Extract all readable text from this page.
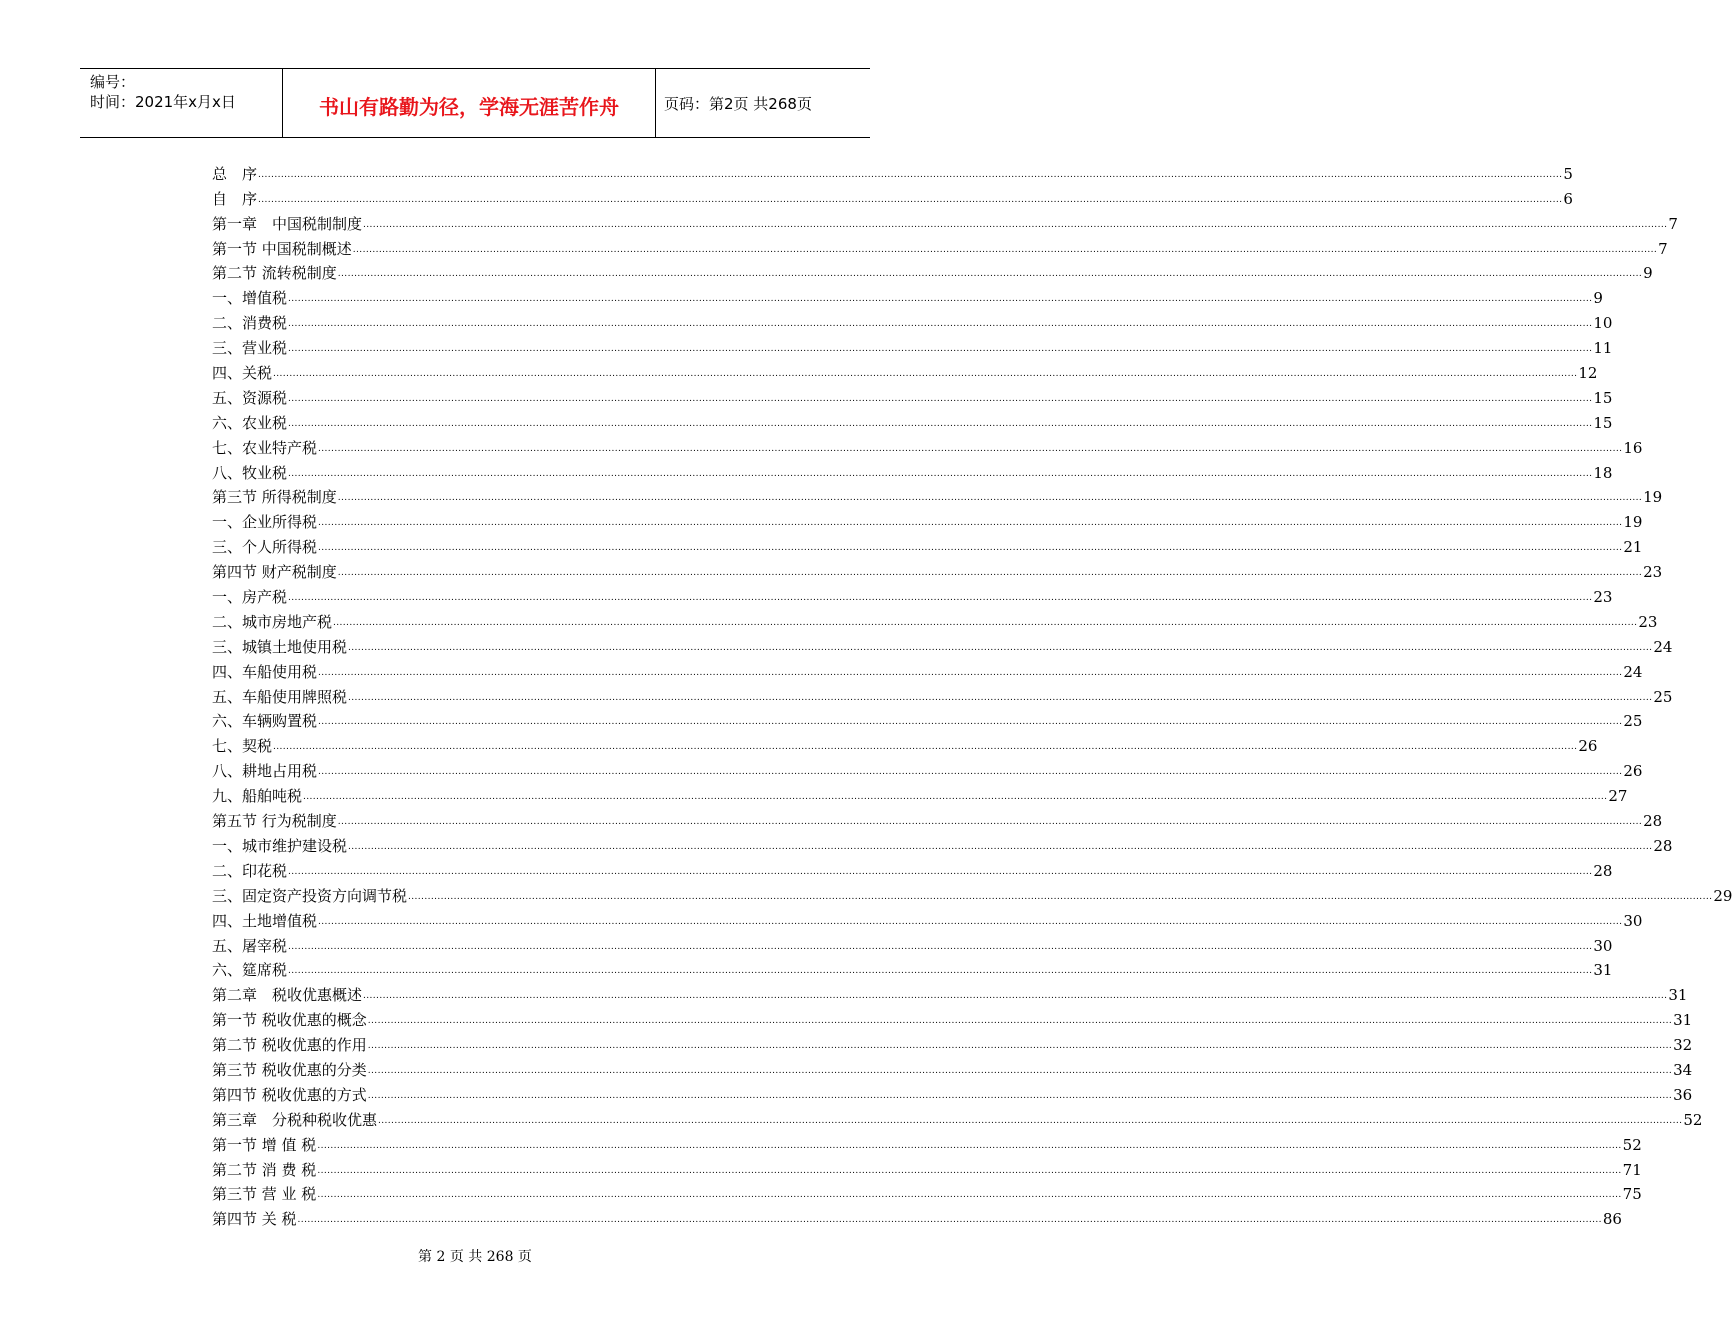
编号：
时间：2021年x月x日	书山有路勤为径，学海无涯苦作舟	页码：第2页 共268页
总　序 ................................................................................................................................................................................................................................................................................................................................................................................................................ 5
自　序 ................................................................................................................................................................................................................................................................................................................................................................................................................ 6
第一章　中国税制制度 ................................................................................................................................................................................................................................................................................................................................................................................................................ 7
第一节 中国税制概述 ................................................................................................................................................................................................................................................................................................................................................................................................................ 7
第二节 流转税制度 ................................................................................................................................................................................................................................................................................................................................................................................................................ 9
一、增值税 ................................................................................................................................................................................................................................................................................................................................................................................................................ 9
二、消费税 ................................................................................................................................................................................................................................................................................................................................................................................................................ 10
三、营业税 ................................................................................................................................................................................................................................................................................................................................................................................................................ 11
四、关税 ................................................................................................................................................................................................................................................................................................................................................................................................................ 12
五、资源税 ................................................................................................................................................................................................................................................................................................................................................................................................................ 15
六、农业税 ................................................................................................................................................................................................................................................................................................................................................................................................................ 15
七、农业特产税 ................................................................................................................................................................................................................................................................................................................................................................................................................ 16
八、牧业税 ................................................................................................................................................................................................................................................................................................................................................................................................................ 18
第三节 所得税制度 ................................................................................................................................................................................................................................................................................................................................................................................................................ 19
一、企业所得税 ................................................................................................................................................................................................................................................................................................................................................................................................................ 19
三、个人所得税 ................................................................................................................................................................................................................................................................................................................................................................................................................ 21
第四节 财产税制度 ................................................................................................................................................................................................................................................................................................................................................................................................................ 23
一、房产税 ................................................................................................................................................................................................................................................................................................................................................................................................................ 23
二、城市房地产税 ................................................................................................................................................................................................................................................................................................................................................................................................................ 23
三、城镇土地使用税 ................................................................................................................................................................................................................................................................................................................................................................................................................ 24
四、车船使用税 ................................................................................................................................................................................................................................................................................................................................................................................................................ 24
五、车船使用牌照税 ................................................................................................................................................................................................................................................................................................................................................................................................................ 25
六、车辆购置税 ................................................................................................................................................................................................................................................................................................................................................................................................................ 25
七、契税 ................................................................................................................................................................................................................................................................................................................................................................................................................ 26
八、耕地占用税 ................................................................................................................................................................................................................................................................................................................................................................................................................ 26
九、船舶吨税 ................................................................................................................................................................................................................................................................................................................................................................................................................ 27
第五节 行为税制度 ................................................................................................................................................................................................................................................................................................................................................................................................................ 28
一、城市维护建设税 ................................................................................................................................................................................................................................................................................................................................................................................................................ 28
二、印花税 ................................................................................................................................................................................................................................................................................................................................................................................................................ 28
三、固定资产投资方向调节税 ................................................................................................................................................................................................................................................................................................................................................................................................................ 29
四、土地增值税 ................................................................................................................................................................................................................................................................................................................................................................................................................ 30
五、屠宰税 ................................................................................................................................................................................................................................................................................................................................................................................................................ 30
六、筵席税 ................................................................................................................................................................................................................................................................................................................................................................................................................ 31
第二章　税收优惠概述 ................................................................................................................................................................................................................................................................................................................................................................................................................ 31
第一节 税收优惠的概念 ................................................................................................................................................................................................................................................................................................................................................................................................................ 31
第二节 税收优惠的作用 ................................................................................................................................................................................................................................................................................................................................................................................................................ 32
第三节 税收优惠的分类 ................................................................................................................................................................................................................................................................................................................................................................................................................ 34
第四节 税收优惠的方式 ................................................................................................................................................................................................................................................................................................................................................................................................................ 36
第三章　分税种税收优惠 ................................................................................................................................................................................................................................................................................................................................................................................................................ 52
第一节 增 值 税 ................................................................................................................................................................................................................................................................................................................................................................................................................ 52
第二节 消 费 税 ................................................................................................................................................................................................................................................................................................................................................................................................................ 71
第三节 营 业 税 ................................................................................................................................................................................................................................................................................................................................................................................................................ 75
第四节 关 税 ................................................................................................................................................................................................................................................................................................................................................................................................................ 86
第 2 页 共 268 页
